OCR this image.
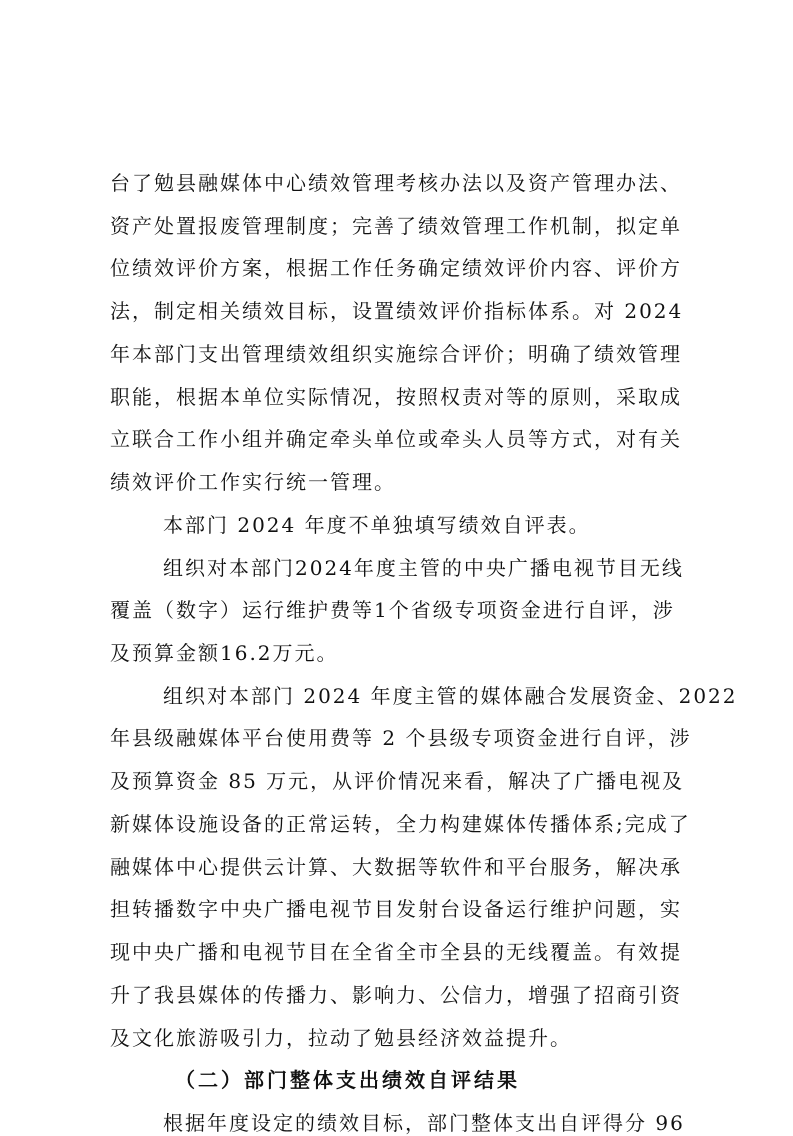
台了勉县融媒体中心绩效管理考核办法以及资产管理办法、
资产处置报废管理制度；完善了绩效管理工作机制，拟定单
位绩效评价方案，根据工作任务确定绩效评价内容、评价方
法，制定相关绩效目标，设置绩效评价指标体系。对 2024
年本部门支出管理绩效组织实施综合评价；明确了绩效管理
职能，根据本单位实际情况，按照权责对等的原则，采取成
立联合工作小组并确定牵头单位或牵头人员等方式，对有关
绩效评价工作实行统一管理。
本部门 2024 年度不单独填写绩效自评表。
组织对本部门2024年度主管的中央广播电视节目无线
覆盖（数字）运行维护费等1个省级专项资金进行自评，涉
及预算金额16.2万元。
组织对本部门 2024 年度主管的媒体融合发展资金、2022
年县级融媒体平台使用费等 2 个县级专项资金进行自评，涉
及预算资金 85 万元，从评价情况来看，解决了广播电视及
新媒体设施设备的正常运转，全力构建媒体传播体系;完成了
融媒体中心提供云计算、大数据等软件和平台服务，解决承
担转播数字中央广播电视节目发射台设备运行维护问题，实
现中央广播和电视节目在全省全市全县的无线覆盖。有效提
升了我县媒体的传播力、影响力、公信力，增强了招商引资
及文化旅游吸引力，拉动了勉县经济效益提升。
（二）部门整体支出绩效自评结果
根据年度设定的绩效目标，部门整体支出自评得分 96
